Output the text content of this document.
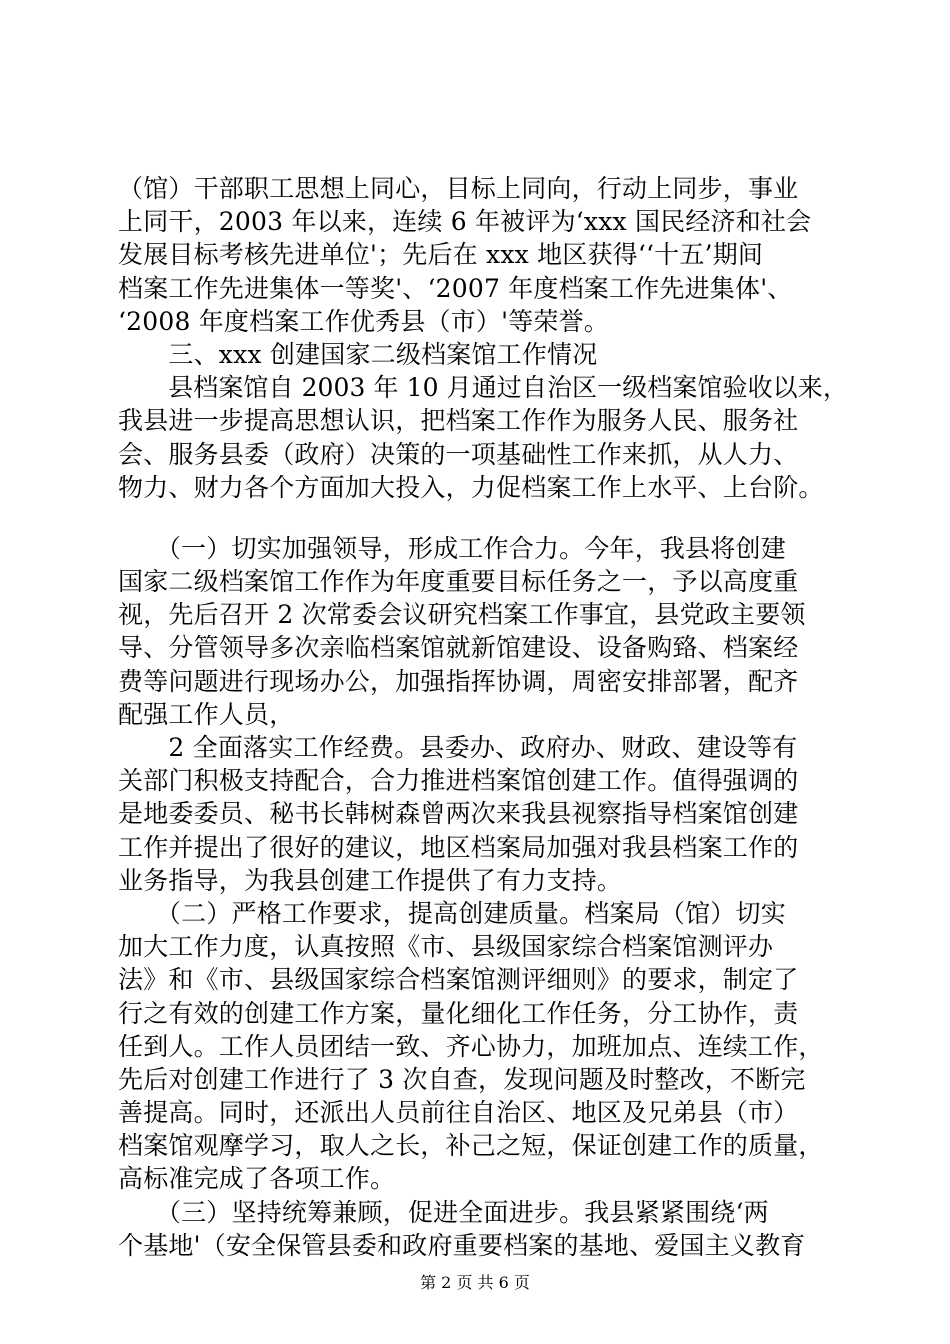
（馆）干部职工思想上同心，目标上同向，行动上同步，事业
上同干，2003 年以来，连续 6 年被评为‘xxx 国民经济和社会
发展目标考核先进单位'；先后在 xxx 地区获得‘‘十五’期间
档案工作先进集体一等奖'、‘2007 年度档案工作先进集体'、
‘2008 年度档案工作优秀县（市）'等荣誉。
　　三、xxx 创建国家二级档案馆工作情况
　　县档案馆自 2003 年 10 月通过自治区一级档案馆验收以来，
我县进一步提高思想认识，把档案工作作为服务人民、服务社
会、服务县委（政府）决策的一项基础性工作来抓，从人力、
物力、财力各个方面加大投入，力促档案工作上水平、上台阶。
　　（一）切实加强领导，形成工作合力。今年，我县将创建
国家二级档案馆工作作为年度重要目标任务之一，予以高度重
视，先后召开 2 次常委会议研究档案工作事宜，县党政主要领
导、分管领导多次亲临档案馆就新馆建设、设备购臵、档案经
费等问题进行现场办公，加强指挥协调，周密安排部署，配齐
配强工作人员，
　　2 全面落实工作经费。县委办、政府办、财政、建设等有
关部门积极支持配合，合力推进档案馆创建工作。值得强调的
是地委委员、秘书长韩树森曾两次来我县视察指导档案馆创建
工作并提出了很好的建议，地区档案局加强对我县档案工作的
业务指导，为我县创建工作提供了有力支持。
　　（二）严格工作要求，提高创建质量。档案局（馆）切实
加大工作力度，认真按照《市、县级国家综合档案馆测评办
法》和《市、县级国家综合档案馆测评细则》的要求，制定了
行之有效的创建工作方案，量化细化工作任务，分工协作，责
任到人。工作人员团结一致、齐心协力，加班加点、连续工作，
先后对创建工作进行了 3 次自查，发现问题及时整改，不断完
善提高。同时，还派出人员前往自治区、地区及兄弟县（市）
档案馆观摩学习，取人之长，补己之短，保证创建工作的质量，
高标准完成了各项工作。
　　（三）坚持统筹兼顾，促进全面进步。我县紧紧围绕‘两
个基地'（安全保管县委和政府重要档案的基地、爱国主义教育
第 2 页 共 6 页
